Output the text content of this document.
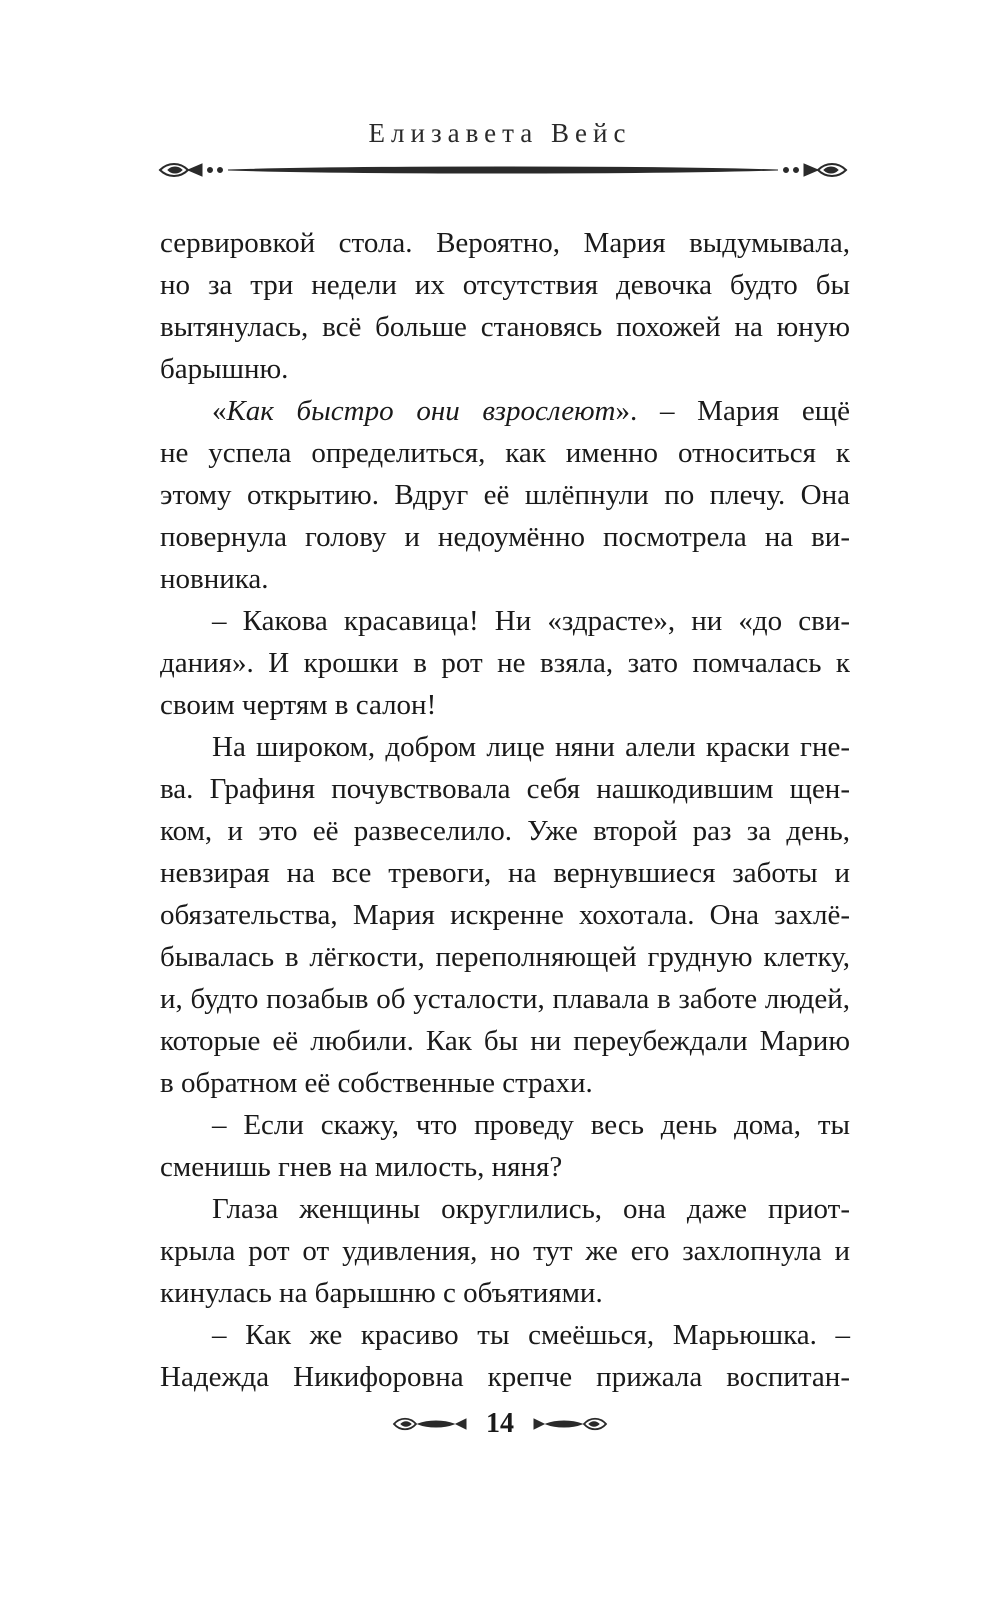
Елизавета Вейс
сервировкой стола. Вероятно, Мария выдумывала,
но за три недели их отсутствия девочка будто бы
вытянулась, всё больше становясь похожей на юную
барышню.
«Как быстро они взрослеют». – Мария ещё
не успела определиться, как именно относиться к
этому открытию. Вдруг её шлёпнули по плечу. Она
повернула голову и недоумённо посмотрела на ви-
новника.
– Какова красавица! Ни «здрасте», ни «до сви-
дания». И крошки в рот не взяла, зато помчалась к
своим чертям в салон!
На широком, добром лице няни алели краски гне-
ва. Графиня почувствовала себя нашкодившим щен-
ком, и это её развеселило. Уже второй раз за день,
невзирая на все тревоги, на вернувшиеся заботы и
обязательства, Мария искренне хохотала. Она захлё-
бывалась в лёгкости, переполняющей грудную клетку,
и, будто позабыв об усталости, плавала в заботе людей,
которые её любили. Как бы ни переубеждали Марию
в обратном её собственные страхи.
– Если скажу, что проведу весь день дома, ты
сменишь гнев на милость, няня?
Глаза женщины округлились, она даже приот-
крыла рот от удивления, но тут же его захлопнула и
кинулась на барышню с объятиями.
– Как же красиво ты смеёшься, Марьюшка. –
Надежда Никифоровна крепче прижала воспитан-
14
